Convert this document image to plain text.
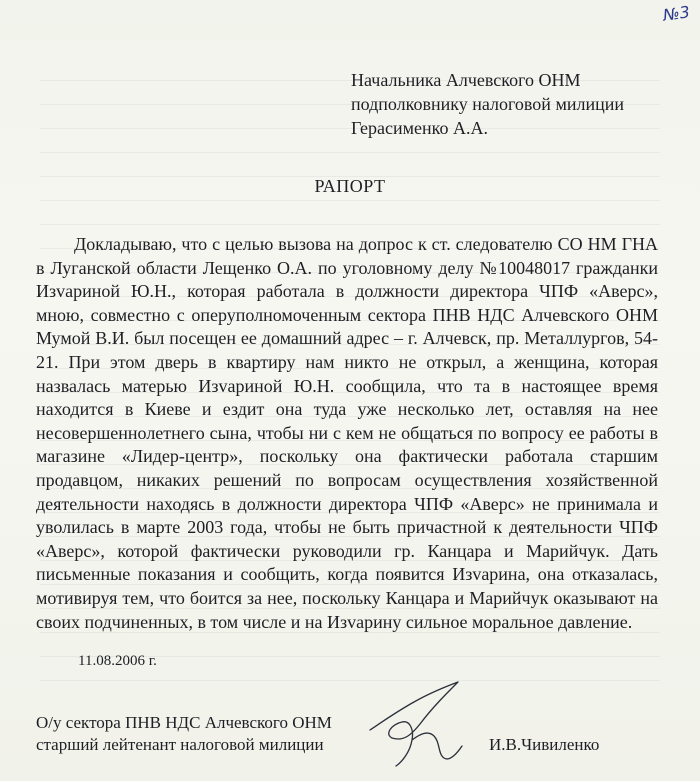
№3
Начальника Алчевского ОНМ
подполковнику налоговой милиции
Герасименко А.А.
РАПОРТ

Докладываю, что с целью вызова на допрос к ст. следователю СО НМ ГНА в Луганской области Лещенко О.А. по уголовному делу №10048017 гражданки Изvариной Ю.Н., которая работала в должности директора ЧПФ «Аверс», мною, совместно с оперуполномоченным сектора ПНВ НДС Алчевского ОНМ Мумой В.И. был посещен ее домашний адрес – г. Алчевск, пр. Металлургов, 54-21. При этом дверь в квартиру нам никто не открыл, а женщина, которая назвалась матерью Изvариной Ю.Н. сообщила, что та в настоящее время находится в Киеве и ездит она туда уже несколько лет, оставляя на нее несовершеннолетнего сына, чтобы ни с кем не общаться по вопросу ее работы в магазине «Лидер-центр», поскольку она фактически работала старшим продавцом, никаких решений по вопросам осуществления хозяйственной деятельности находясь в должности директора ЧПФ «Аверс» не принимала и уволилась в марте 2003 года, чтобы не быть причастной к деятельности ЧПФ «Аверс», которой фактически руководили гр. Канцара и Марийчук. Дать письменные показания и сообщить, когда появится Изvарина, она отказалась, мотивируя тем, что боится за нее, поскольку Канцара и Марийчук оказывают на своих подчиненных, в том числе и на Изvарину сильное моральное давление.

11.08.2006 г.
О/у сектора ПНВ НДС Алчевского ОНМ
старший лейтенант налоговой милиции	И.В.Чивиленко
